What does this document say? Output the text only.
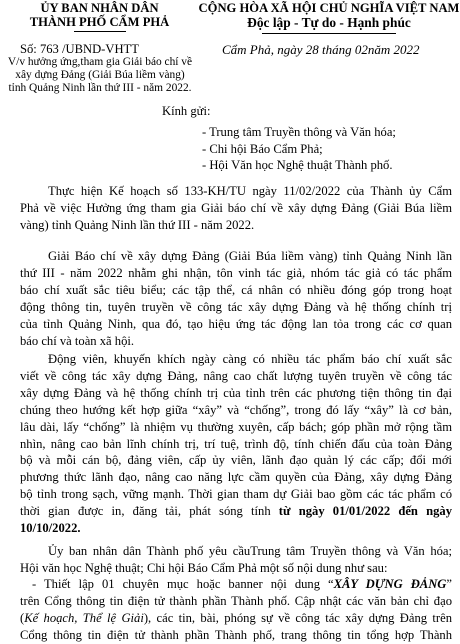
ỦY BAN NHÂN DÂN
THÀNH PHỐ CẨM PHẢ
CỘNG HÒA XÃ HỘI CHỦ NGHĨA VIỆT NAM
Độc lập - Tự do - Hạnh phúc
Số: 763 /UBND-VHTT
V/v hưởng ứng,tham gia Giải báo chí về
xây dựng Đảng (Giải Búa liềm vàng)
tỉnh Quảng Ninh lần thứ III - năm 2022.
Cẩm Phả, ngày 28 tháng 02năm 2022
Kính gửi:
- Trung tâm Truyền thông và Văn hóa;
- Chi hội Báo Cẩm Phả;
- Hội Văn học Nghệ thuật Thành phố.
Thực hiện Kế hoạch số 133-KH/TU ngày 11/02/2022 của Thành ủy Cẩm
Phả về việc Hưởng ứng tham gia Giải báo chí về xây dựng Đảng (Giải Búa liềm
vàng) tỉnh Quảng Ninh lần thứ III - năm 2022.
Giải Báo chí về xây dựng Đảng (Giải Búa liềm vàng) tỉnh Quảng Ninh lần
thứ III - năm 2022 nhằm ghi nhận, tôn vinh tác giả, nhóm tác giả có tác phẩm
báo chí xuất sắc tiêu biểu; các tập thể, cá nhân có nhiều đóng góp trong hoạt
động thông tin, tuyên truyền về công tác xây dựng Đảng và hệ thống chính trị
của tỉnh Quảng Ninh, qua đó, tạo hiệu ứng tác động lan tỏa trong các cơ quan
báo chí và toàn xã hội.
Động viên, khuyến khích ngày càng có nhiều tác phẩm báo chí xuất sắc
viết về công tác xây dựng Đảng, nâng cao chất lượng tuyên truyền về công tác
xây dựng Đảng và hệ thống chính trị của tỉnh trên các phương tiện thông tin đại
chúng theo hướng kết hợp giữa “xây” và “chống”, trong đó lấy “xây” là cơ bản,
lâu dài, lấy “chống” là nhiệm vụ thường xuyên, cấp bách; góp phần mở rộng tầm
nhìn, nâng cao bản lĩnh chính trị, trí tuệ, trình độ, tính chiến đấu của toàn Đảng
bộ và mỗi cán bộ, đảng viên, cấp ủy viên, lãnh đạo quản lý các cấp; đổi mới
phương thức lãnh đạo, nâng cao năng lực cầm quyền của Đảng, xây dựng Đảng
bộ tỉnh trong sạch, vững mạnh. Thời gian tham dự Giải bao gồm các tác phẩm có
thời gian được in, đăng tải, phát sóng tính từ ngày 01/01/2022 đến ngày
10/10/2022.
Ủy ban nhân dân Thành phố yêu cầuTrung tâm Truyền thông và Văn hóa;
Hội văn học Nghệ thuật; Chi hội Báo Cẩm Phả một số nội dung như sau:
- Thiết lập 01 chuyên mục hoặc banner nội dung “XÂY DỰNG ĐẢNG”
trên Cổng thông tin điện tử thành phần Thành phố. Cập nhật các văn bản chỉ đạo
(Kế hoạch, Thể lệ Giải), các tin, bài, phóng sự về công tác xây dựng Đảng trên
Cổng thông tin điện tử thành phần Thành phố, trang thông tin tổng hợp Thành
